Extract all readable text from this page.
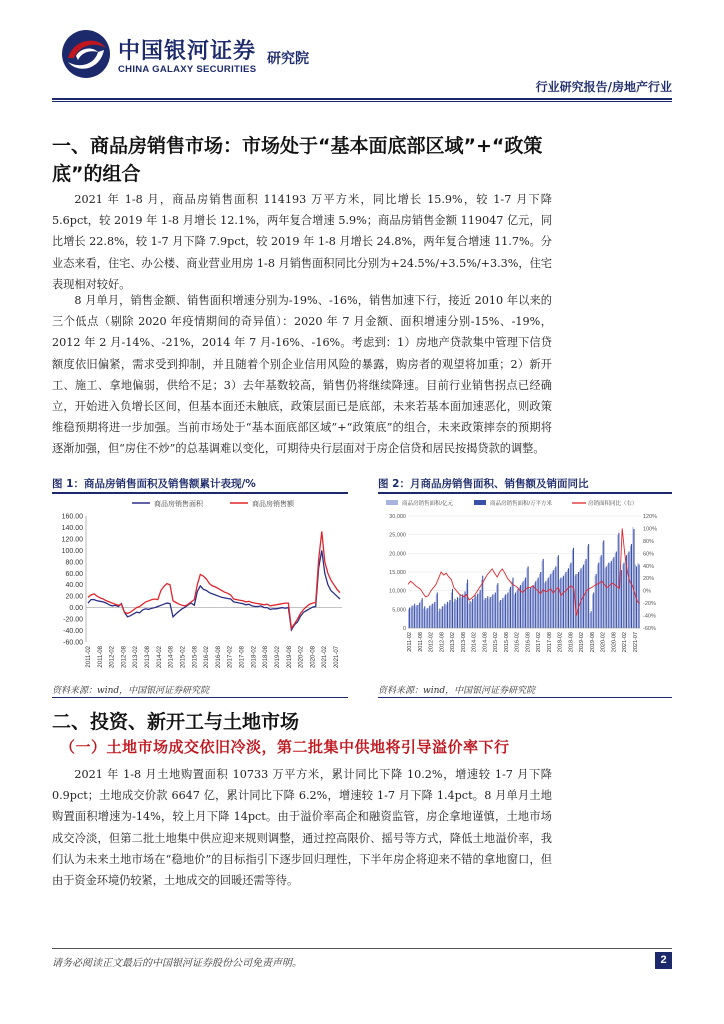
中国银河证券
CHINA GALAXY SECURITIES
研究院
行业研究报告/房地产行业
一、商品房销售市场：市场处于“基本面底部区域”+“政策底”的组合
2021 年 1-8 月，商品房销售面积 114193 万平方米，同比增长 15.9%，较 1-7 月下降 5.6pct，较 2019 年 1-8 月增长 12.1%，两年复合增速 5.9%；商品房销售金额 119047 亿元，同比增长 22.8%，较 1-7 月下降 7.9pct，较 2019 年 1-8 月增长 24.8%，两年复合增速 11.7%。分业态来看，住宅、办公楼、商业营业用房 1-8 月销售面积同比分别为+24.5%/+3.5%/+3.3%，住宅表现相对较好。
8 月单月，销售金额、销售面积增速分别为-19%、-16%，销售加速下行，接近 2010 年以来的三个低点（剔除 2020 年疫情期间的奇异值）：2020 年 7 月金额、面积增速分别-15%、-19%，2012 年 2 月-14%、-21%，2014 年 7 月-16%、-16%。考虑到：1）房地产贷款集中管理下信贷额度依旧偏紧，需求受到抑制，并且随着个别企业信用风险的暴露，购房者的观望将加重；2）新开工、施工、拿地偏弱，供给不足；3）去年基数较高，销售仍将继续降速。目前行业销售拐点已经确立，开始进入负增长区间，但基本面还未触底，政策层面已是底部，未来若基本面加速恶化，则政策维稳预期将进一步加强。当前市场处于“基本面底部区域”+“政策底”的组合，未来政策摔奈的预期将逐渐加强，但“房住不炒”的总基调难以变化，可期待央行层面对于房企信贷和居民按揭贷款的调整。
图 1：商品房销售面积及销售额累计表现/%
商品房销售面积	商品房销售额
160.00
140.00
120.00
100.00
80.00
60.00
40.00
20.00
0.00
-20.00
-40.00
-60.00
2011-02 2011-08 2012-02 2012-08 2013-02 2013-08 2014-02 2014-08 2015-02 2015-08 2016-02 2016-08 2017-02 2017-08 2018-02 2018-08 2019-02 2019-08 2020-02 2020-08 2021-02 2021-07
资料来源：wind，中国银河证券研究院
图 2：月商品房销售面积、销售额及销面同比
商品房销售面积/亿元	商品房销售面积/万平方米	房销面积同比（右）
30,000
25,000
20,000
15,000
10,000
5,000
0
120%
100%
80%
60%
40%
20%
0%
-20%
-40%
-60%
2011-02 2011-08 2012-02 2012-08 2013-02 2013-08 2014-02 2014-08 2015-02 2015-08 2016-02 2016-08 2017-02 2017-08 2018-02 2018-08 2019-02 2019-08 2020-02 2020-08 2021-02 2021-07
资料来源：wind，中国银河证券研究院
二、投资、新开工与土地市场
（一）土地市场成交依旧冷淡，第二批集中供地将引导溢价率下行
2021 年 1-8 月土地购置面积 10733 万平方米，累计同比下降 10.2%，增速较 1-7 月下降 0.9pct；土地成交价款 6647 亿，累计同比下降 6.2%，增速较 1-7 月下降 1.4pct。8 月单月土地购置面积增速为-14%，较上月下降 14pct。由于溢价率高企和融资监管，房企拿地谨慎，土地市场成交冷淡，但第二批土地集中供应迎来规则调整，通过控高限价、摇号等方式，降低土地溢价率，我们认为未来土地市场在“稳地价”的目标指引下逐步回归理性，下半年房企将迎来不错的拿地窗口，但由于资金环境仍较紧，土地成交的回暖还需等待。
请务必阅读正文最后的中国银河证券股份公司免责声明。	2
